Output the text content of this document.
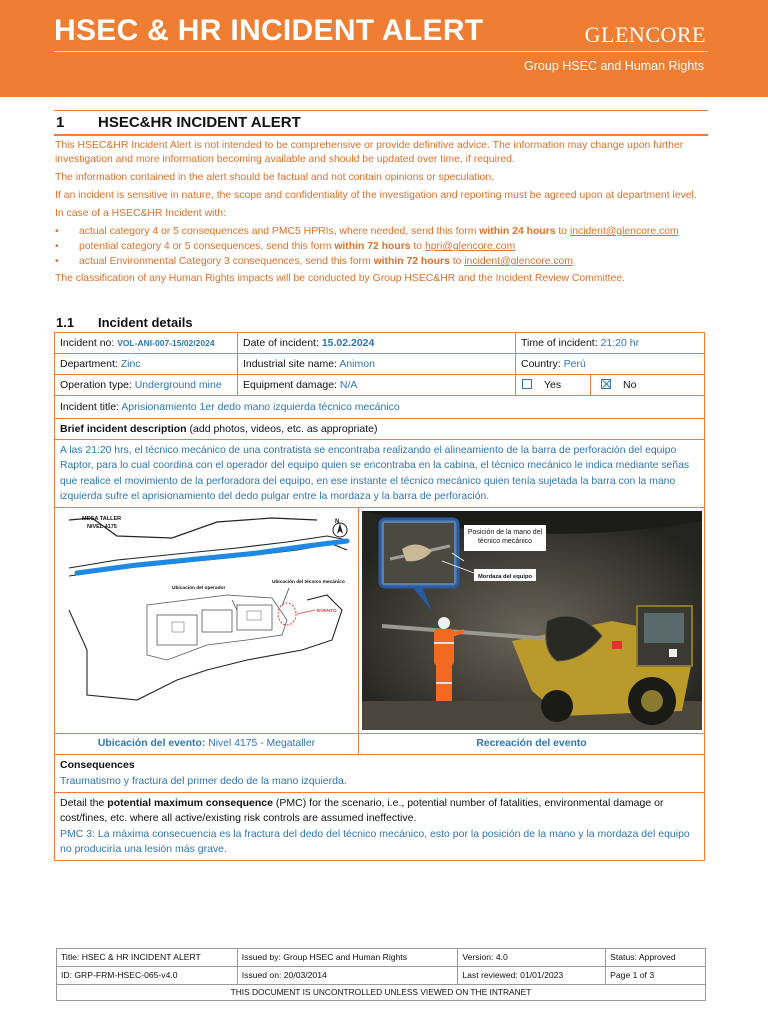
HSEC & HR INCIDENT ALERT	GLENCORE
Group HSEC and Human Rights
1 HSEC&HR INCIDENT ALERT

This HSEC&HR Incident Alert is not intended to be comprehensive or provide definitive advice. The information may change upon further investigation and more information becoming available and should be updated over time, if required.

The information contained in the alert should be factual and not contain opinions or speculation.

If an incident is sensitive in nature, the scope and confidentiality of the investigation and reporting must be agreed upon at department level.

In case of a HSEC&HR Incident with:

• actual category 4 or 5 consequences and PMC5 HPRIs, where needed, send this form within 24 hours to incident@glencore.com
• potential category 4 or 5 consequences, send this form within 72 hours to hpri@glencore.com
• actual Environmental Category 3 consequences, send this form within 72 hours to incident@glencore.com

The classification of any Human Rights impacts will be conducted by Group HSEC&HR and the Incident Review Committee.

1.1 Incident details
Incident no: VOL-ANI-007-15/02/2024	Date of incident: 15.02.2024	Time of incident: 21:20 hr
Department: Zinc	Industrial site name: Animon	Country: Perú
Operation type: Underground mine	Equipment damage: N/A	Yes	No
Incident title: Aprisionamiento 1er dedo mano izquierda técnico mecánico
Brief incident description (add photos, videos, etc. as appropriate)
A las 21:20 hrs, el técnico mecánico de una contratista se encontraba realizando el alineamiento de la barra de perforación del equipo Raptor, para lo cual coordina con el operador del equipo quien se encontraba en la cabina, el técnico mecánico le indica mediante señas que realice el movimiento de la perforadora del equipo, en ese instante el técnico mecánico quien tenía sujetada la barra con la mano izquierda sufre el aprisionamiento del dedo pulgar entre la mordaza y la barra de perforación.
N
MEGA TALLER
NIVEL 4175
Ubicación del operador
Ubicación del técnico mecánico
EVENTO
Posición de la mano del técnico mecánico
Mordaza del equipo
Ubicación del evento: Nivel 4175 - Megataller	Recreación del evento
Consequences
Traumatismo y fractura del primer dedo de la mano izquierda.
Detail the potential maximum consequence (PMC) for the scenario, i.e., potential number of fatalities, environmental damage or cost/fines, etc. where all active/existing risk controls are assumed ineffective.
PMC 3: La máxima consecuencia es la fractura del dedo del técnico mecánico, esto por la posición de la mano y la mordaza del equipo no produciría una lesión más grave.
Title: HSEC & HR INCIDENT ALERT	Issued by: Group HSEC and Human Rights	Version: 4.0	Status: Approved
ID: GRP-FRM-HSEC-065-v4.0	Issued on: 20/03/2014	Last reviewed: 01/01/2023	Page 1 of 3
THIS DOCUMENT IS UNCONTROLLED UNLESS VIEWED ON THE INTRANET
